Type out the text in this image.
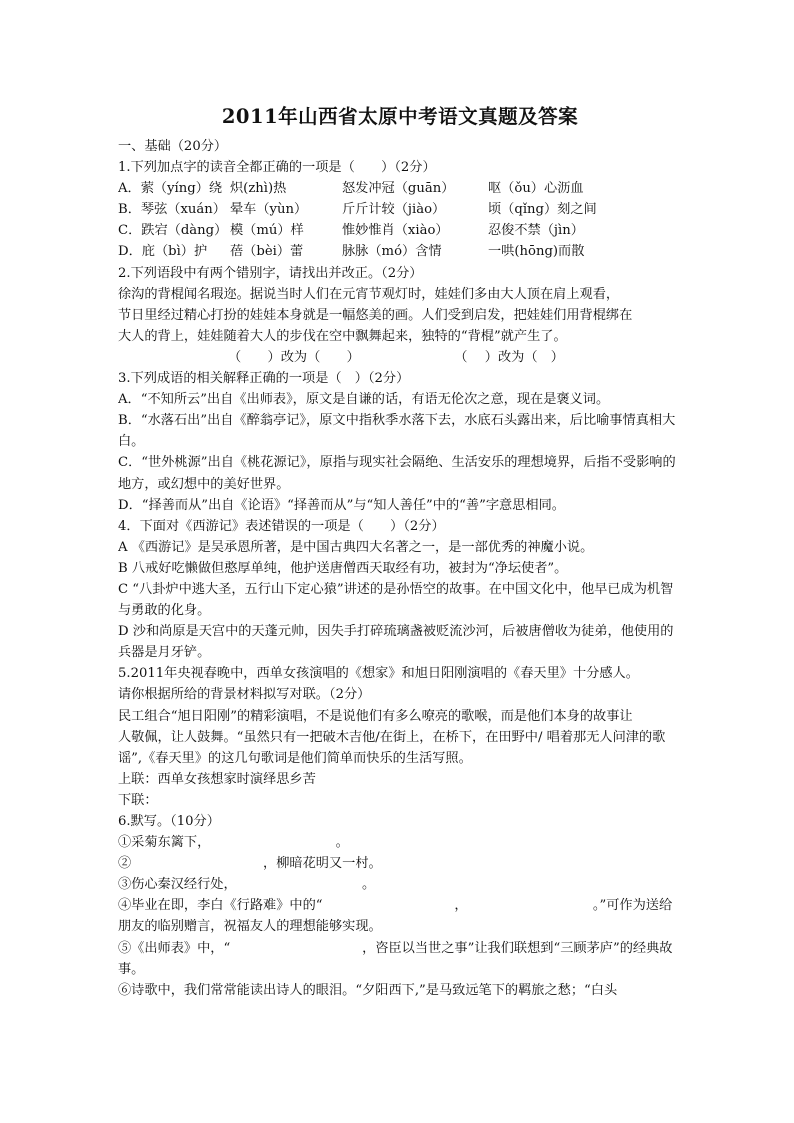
2011年山西省太原中考语文真题及答案
一、基础（20分）
1.下列加点字的读音全都正确的一项是（　　）（2分）
A．萦（yíng）绕 炽(zhì)热	怒发冲冠（guān）	呕（ǒu）心沥血
B．琴弦（xuán） 晕车（yùn）	斤斤计较（jiào）	顷（qǐng）刻之间
C．跌宕（dàng） 模（mú）样	惟妙惟肖（xiào）	忍俊不禁（jìn）
D．庇（bì）护	蓓（bèi）蕾	脉脉（mó）含情	一哄(hōng)而散
2.下列语段中有两个错别字，请找出并改正。（2分）
徐沟的背棍闻名瑕迩。据说当时人们在元宵节观灯时，娃娃们多由大人顶在肩上观看，
节日里经过精心打扮的娃娃本身就是一幅悠美的画。人们受到启发，把娃娃们用背棍绑在
大人的背上，娃娃随着大人的步伐在空中飘舞起来，独特的“背棍”就产生了。
（　　）改为（　　）	（　 ）改为（　）
3.下列成语的相关解释正确的一项是（　）（2分）
A．“不知所云”出自《出师表》，原文是自谦的话，有语无伦次之意，现在是褒义词。
B．“水落石出”出自《醉翁亭记》，原文中指秋季水落下去，水底石头露出来，后比喻事情真相大白。
C．“世外桃源”出自《桃花源记》，原指与现实社会隔绝、生活安乐的理想境界，后指不受影响的地方，或幻想中的美好世界。
D．“择善而从”出自《论语》“择善而从”与“知人善任”中的“善”字意思相同。
4．下面对《西游记》表述错误的一项是（　　）（2分）
A 《西游记》是吴承恩所著，是中国古典四大名著之一，是一部优秀的神魔小说。
B 八戒好吃懒做但憨厚单纯，他护送唐僧西天取经有功，被封为“净坛使者”。
C “八卦炉中逃大圣，五行山下定心猿”讲述的是孙悟空的故事。在中国文化中，他早已成为机智与勇敢的化身。
D 沙和尚原是天宫中的天蓬元帅，因失手打碎琉璃盏被贬流沙河，后被唐僧收为徒弟，他使用的兵器是月牙铲。
5.2011年央视春晚中，西单女孩演唱的《想家》和旭日阳刚演唱的《春天里》十分感人。
请你根据所给的背景材料拟写对联。（2分）
民工组合“旭日阳刚”的精彩演唱，不是说他们有多么嘹亮的歌喉，而是他们本身的故事让
人敬佩，让人鼓舞。“虽然只有一把破木吉他/在街上，在桥下，在田野中/ 唱着那无人问津的歌谣”,《春天里》的这几句歌词是他们简单而快乐的生活写照。
上联：西单女孩想家时演绎思乡苦
下联：
6.默写。（10分）
①采菊东篱下，　　　　　　　　　　。
②　　　　　　　　　　，柳暗花明又一村。
③伤心秦汉经行处，　　　　　　　　　　。
④毕业在即，李白《行路难》中的“　　　　　　　　　　，　　　　　　　　　　。”可作为送给朋友的临别赠言，祝福友人的理想能够实现。
⑤《出师表》中，“　　　　　　　　　　，咨臣以当世之事”让我们联想到“三顾茅庐”的经典故事。
⑥诗歌中，我们常常能读出诗人的眼泪。“夕阳西下,”是马致远笔下的羁旅之愁；“白头
